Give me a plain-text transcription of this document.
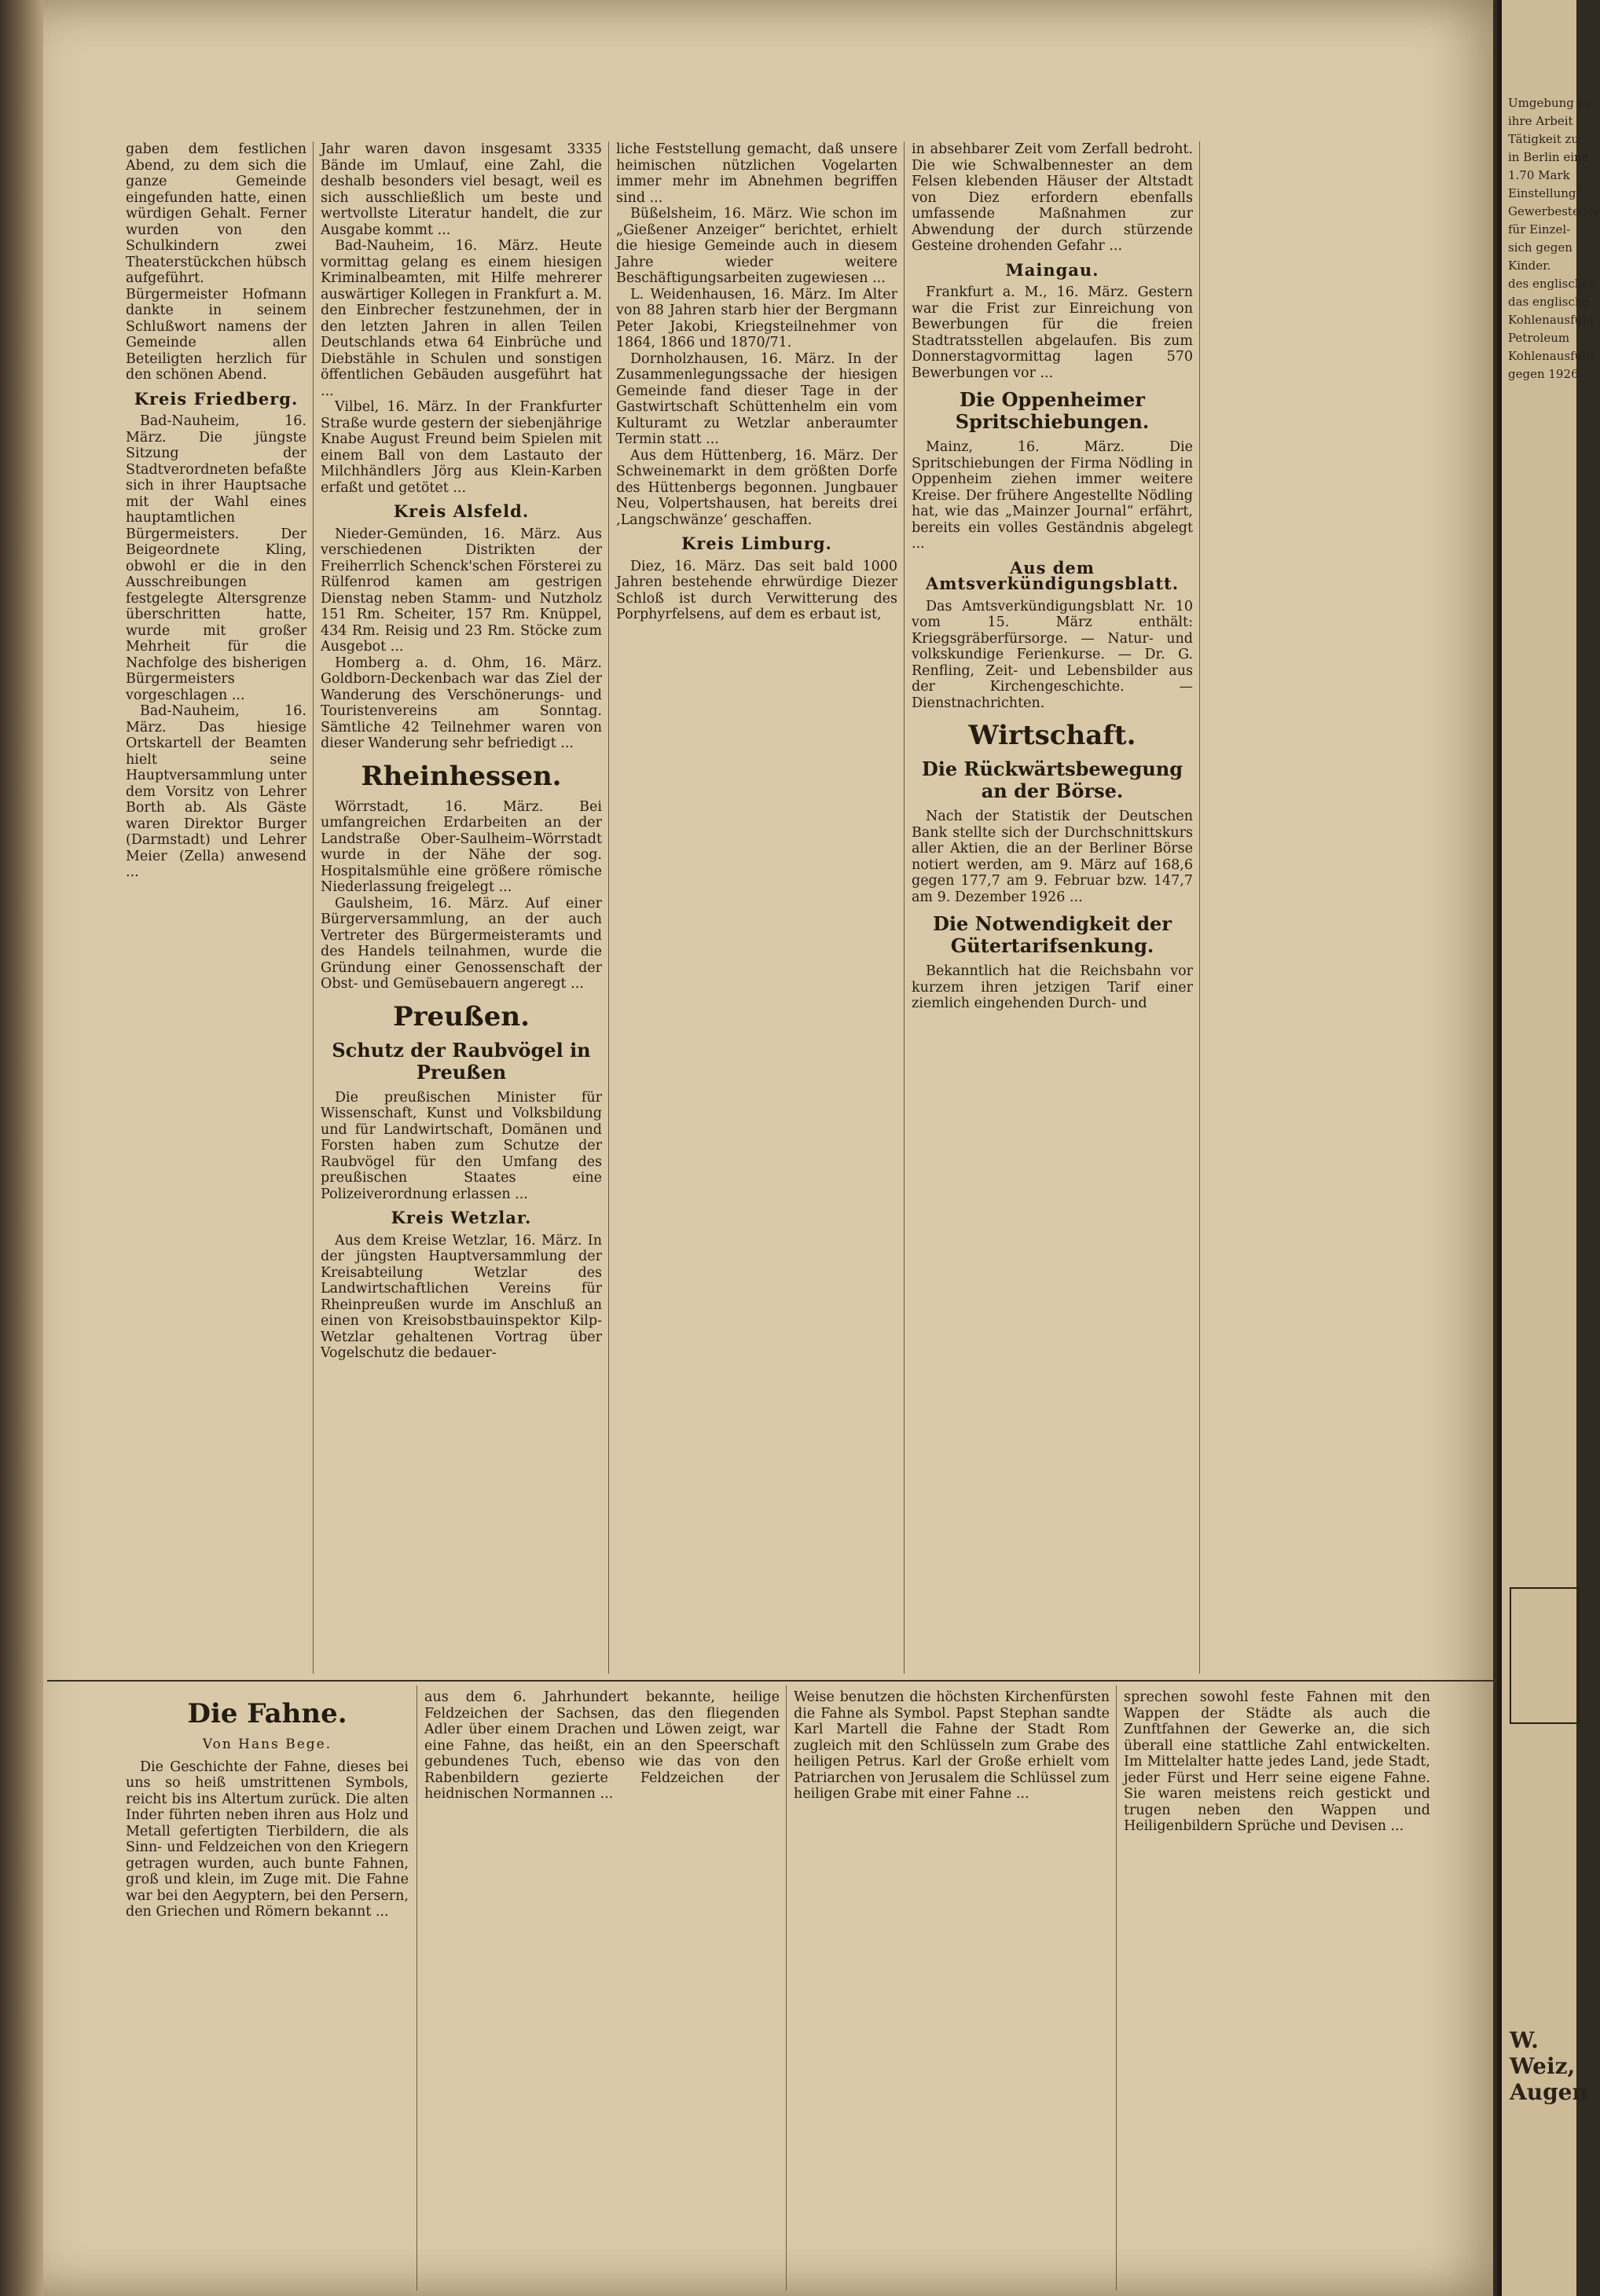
gaben dem festlichen Abend, zu dem sich die ganze Gemeinde eingefunden hatte, einen würdigen Gehalt. Ferner wurden von den Schulkindern zwei Theaterstückchen hübsch aufgeführt. Bürgermeister Hofmann dankte in seinem Schlußwort namens der Gemeinde allen Beteiligten herzlich für den schönen Abend.

Kreis Friedberg.

Bad-Nauheim, 16. März. Die jüngste Sitzung der Stadtverordneten befaßte sich in ihrer Hauptsache mit der Wahl eines hauptamtlichen Bürgermeisters. Der Beigeordnete Kling, obwohl er die in den Ausschreibungen festgelegte Altersgrenze überschritten hatte, wurde mit großer Mehrheit für die Nachfolge des bisherigen Bürgermeisters vorgeschlagen ...

Bad-Nauheim, 16. März. Das hiesige Ortskartell der Beamten hielt seine Hauptversammlung unter dem Vorsitz von Lehrer Borth ab. Als Gäste waren Direktor Burger (Darmstadt) und Lehrer Meier (Zella) anwesend ...

Jahr waren davon insgesamt 3335 Bände im Umlauf, eine Zahl, die deshalb besonders viel besagt, weil es sich ausschließlich um beste und wertvollste Literatur handelt, die zur Ausgabe kommt ...

Bad-Nauheim, 16. März. Heute vormittag gelang es einem hiesigen Kriminalbeamten, mit Hilfe mehrerer auswärtiger Kollegen in Frankfurt a. M. den Einbrecher festzunehmen, der in den letzten Jahren in allen Teilen Deutschlands etwa 64 Einbrüche und Diebstähle in Schulen und sonstigen öffentlichen Gebäuden ausgeführt hat ...

Vilbel, 16. März. In der Frankfurter Straße wurde gestern der siebenjährige Knabe August Freund beim Spielen mit einem Ball von dem Lastauto der Milchhändlers Jörg aus Klein-Karben erfaßt und getötet ...

Kreis Alsfeld.

Nieder-Gemünden, 16. März. Aus verschiedenen Distrikten der Freiherrlich Schenck'schen Försterei zu Rülfenrod kamen am gestrigen Dienstag neben Stamm- und Nutzholz 151 Rm. Scheiter, 157 Rm. Knüppel, 434 Rm. Reisig und 23 Rm. Stöcke zum Ausgebot ...

Homberg a. d. Ohm, 16. März. Goldborn-Deckenbach war das Ziel der Wanderung des Verschönerungs- und Touristenvereins am Sonntag. Sämtliche 42 Teilnehmer waren von dieser Wanderung sehr befriedigt ...

Rheinhessen.

Wörrstadt, 16. März. Bei umfangreichen Erdarbeiten an der Landstraße Ober-Saulheim–Wörrstadt wurde in der Nähe der sog. Hospitalsmühle eine größere römische Niederlassung freigelegt ...

Gaulsheim, 16. März. Auf einer Bürgerversammlung, an der auch Vertreter des Bürgermeisteramts und des Handels teilnahmen, wurde die Gründung einer Genossenschaft der Obst- und Gemüsebauern angeregt ...

Preußen.
Schutz der Raubvögel in Preußen

Die preußischen Minister für Wissenschaft, Kunst und Volksbildung und für Landwirtschaft, Domänen und Forsten haben zum Schutze der Raubvögel für den Umfang des preußischen Staates eine Polizeiverordnung erlassen ...

Kreis Wetzlar.

Aus dem Kreise Wetzlar, 16. März. In der jüngsten Hauptversammlung der Kreisabteilung Wetzlar des Landwirtschaftlichen Vereins für Rheinpreußen wurde im Anschluß an einen von Kreisobstbauinspektor Kilp-Wetzlar gehaltenen Vortrag über Vogelschutz die bedauer-

liche Feststellung gemacht, daß unsere heimischen nützlichen Vogelarten immer mehr im Abnehmen begriffen sind ...

Büßelsheim, 16. März. Wie schon im „Gießener Anzeiger“ berichtet, erhielt die hiesige Gemeinde auch in diesem Jahre wieder weitere Beschäftigungsarbeiten zugewiesen ...

L. Weidenhausen, 16. März. Im Alter von 88 Jahren starb hier der Bergmann Peter Jakobi, Kriegsteilnehmer von 1864, 1866 und 1870/71.

Dornholzhausen, 16. März. In der Zusammenlegungssache der hiesigen Gemeinde fand dieser Tage in der Gastwirtschaft Schüttenhelm ein vom Kulturamt zu Wetzlar anberaumter Termin statt ...

Aus dem Hüttenberg, 16. März. Der Schweinemarkt in dem größten Dorfe des Hüttenbergs begonnen. Jungbauer Neu, Volpertshausen, hat bereits drei ‚Langschwänze‘ geschaffen.

Kreis Limburg.

Diez, 16. März. Das seit bald 1000 Jahren bestehende ehrwürdige Diezer Schloß ist durch Verwitterung des Porphyrfelsens, auf dem es erbaut ist,

in absehbarer Zeit vom Zerfall bedroht. Die wie Schwalbennester an dem Felsen klebenden Häuser der Altstadt von Diez erfordern ebenfalls umfassende Maßnahmen zur Abwendung der durch stürzende Gesteine drohenden Gefahr ...

Maingau.

Frankfurt a. M., 16. März. Gestern war die Frist zur Einreichung von Bewerbungen für die freien Stadtratsstellen abgelaufen. Bis zum Donnerstagvormittag lagen 570 Bewerbungen vor ...

Die Oppenheimer Spritschiebungen.

Mainz, 16. März. Die Spritschiebungen der Firma Nödling in Oppenheim ziehen immer weitere Kreise. Der frühere Angestellte Nödling hat, wie das „Mainzer Journal“ erfährt, bereits ein volles Geständnis abgelegt ...

Aus dem Amtsverkündigungsblatt.

Das Amtsverkündigungsblatt Nr. 10 vom 15. März enthält: Kriegsgräberfürsorge. — Natur- und volkskundige Ferienkurse. — Dr. G. Renfling, Zeit- und Lebensbilder aus der Kirchengeschichte. — Dienstnachrichten.

Wirtschaft.
Die Rückwärtsbewegung an der Börse.

Nach der Statistik der Deutschen Bank stellte sich der Durchschnittskurs aller Aktien, die an der Berliner Börse notiert werden, am 9. März auf 168,6 gegen 177,7 am 9. Februar bzw. 147,7 am 9. Dezember 1926 ...

Die Notwendigkeit der Gütertarifsenkung.

Bekanntlich hat die Reichsbahn vor kurzem ihren jetzigen Tarif einer ziemlich eingehenden Durch- und

Die Fahne.
Von Hans Bege.

Die Geschichte der Fahne, dieses bei uns so heiß umstrittenen Symbols, reicht bis ins Altertum zurück. Die alten Inder führten neben ihren aus Holz und Metall gefertigten Tierbildern, die als Sinn- und Feldzeichen von den Kriegern getragen wurden, auch bunte Fahnen, groß und klein, im Zuge mit. Die Fahne war bei den Aegyptern, bei den Persern, den Griechen und Römern bekannt ...

aus dem 6. Jahrhundert bekannte, heilige Feldzeichen der Sachsen, das den fliegenden Adler über einem Drachen und Löwen zeigt, war eine Fahne, das heißt, ein an den Speerschaft gebundenes Tuch, ebenso wie das von den Rabenbildern gezierte Feldzeichen der heidnischen Normannen ...

Weise benutzen die höchsten Kirchenfürsten die Fahne als Symbol. Papst Stephan sandte Karl Martell die Fahne der Stadt Rom zugleich mit den Schlüsseln zum Grabe des heiligen Petrus. Karl der Große erhielt vom Patriarchen von Jerusalem die Schlüssel zum heiligen Grabe mit einer Fahne ...

sprechen sowohl feste Fahnen mit den Wappen der Städte als auch die Zunftfahnen der Gewerke an, die sich überall eine stattliche Zahl entwickelten. Im Mittelalter hatte jedes Land, jede Stadt, jeder Fürst und Herr seine eigene Fahne. Sie waren meistens reich gestickt und trugen neben den Wappen und Heiligenbildern Sprüche und Devisen ...

Umgebung zu
ihre Arbeit
Tätigkeit zu
in Berlin eine
1.70 Mark
Einstellung
Gewerbesteuer
für Einzel-
sich gegen
Kinder.
des englischen
das englische
Kohlenausfuhr
Petroleum
Kohlenausfuhr
gegen 1926
W. Weiz, Augen
